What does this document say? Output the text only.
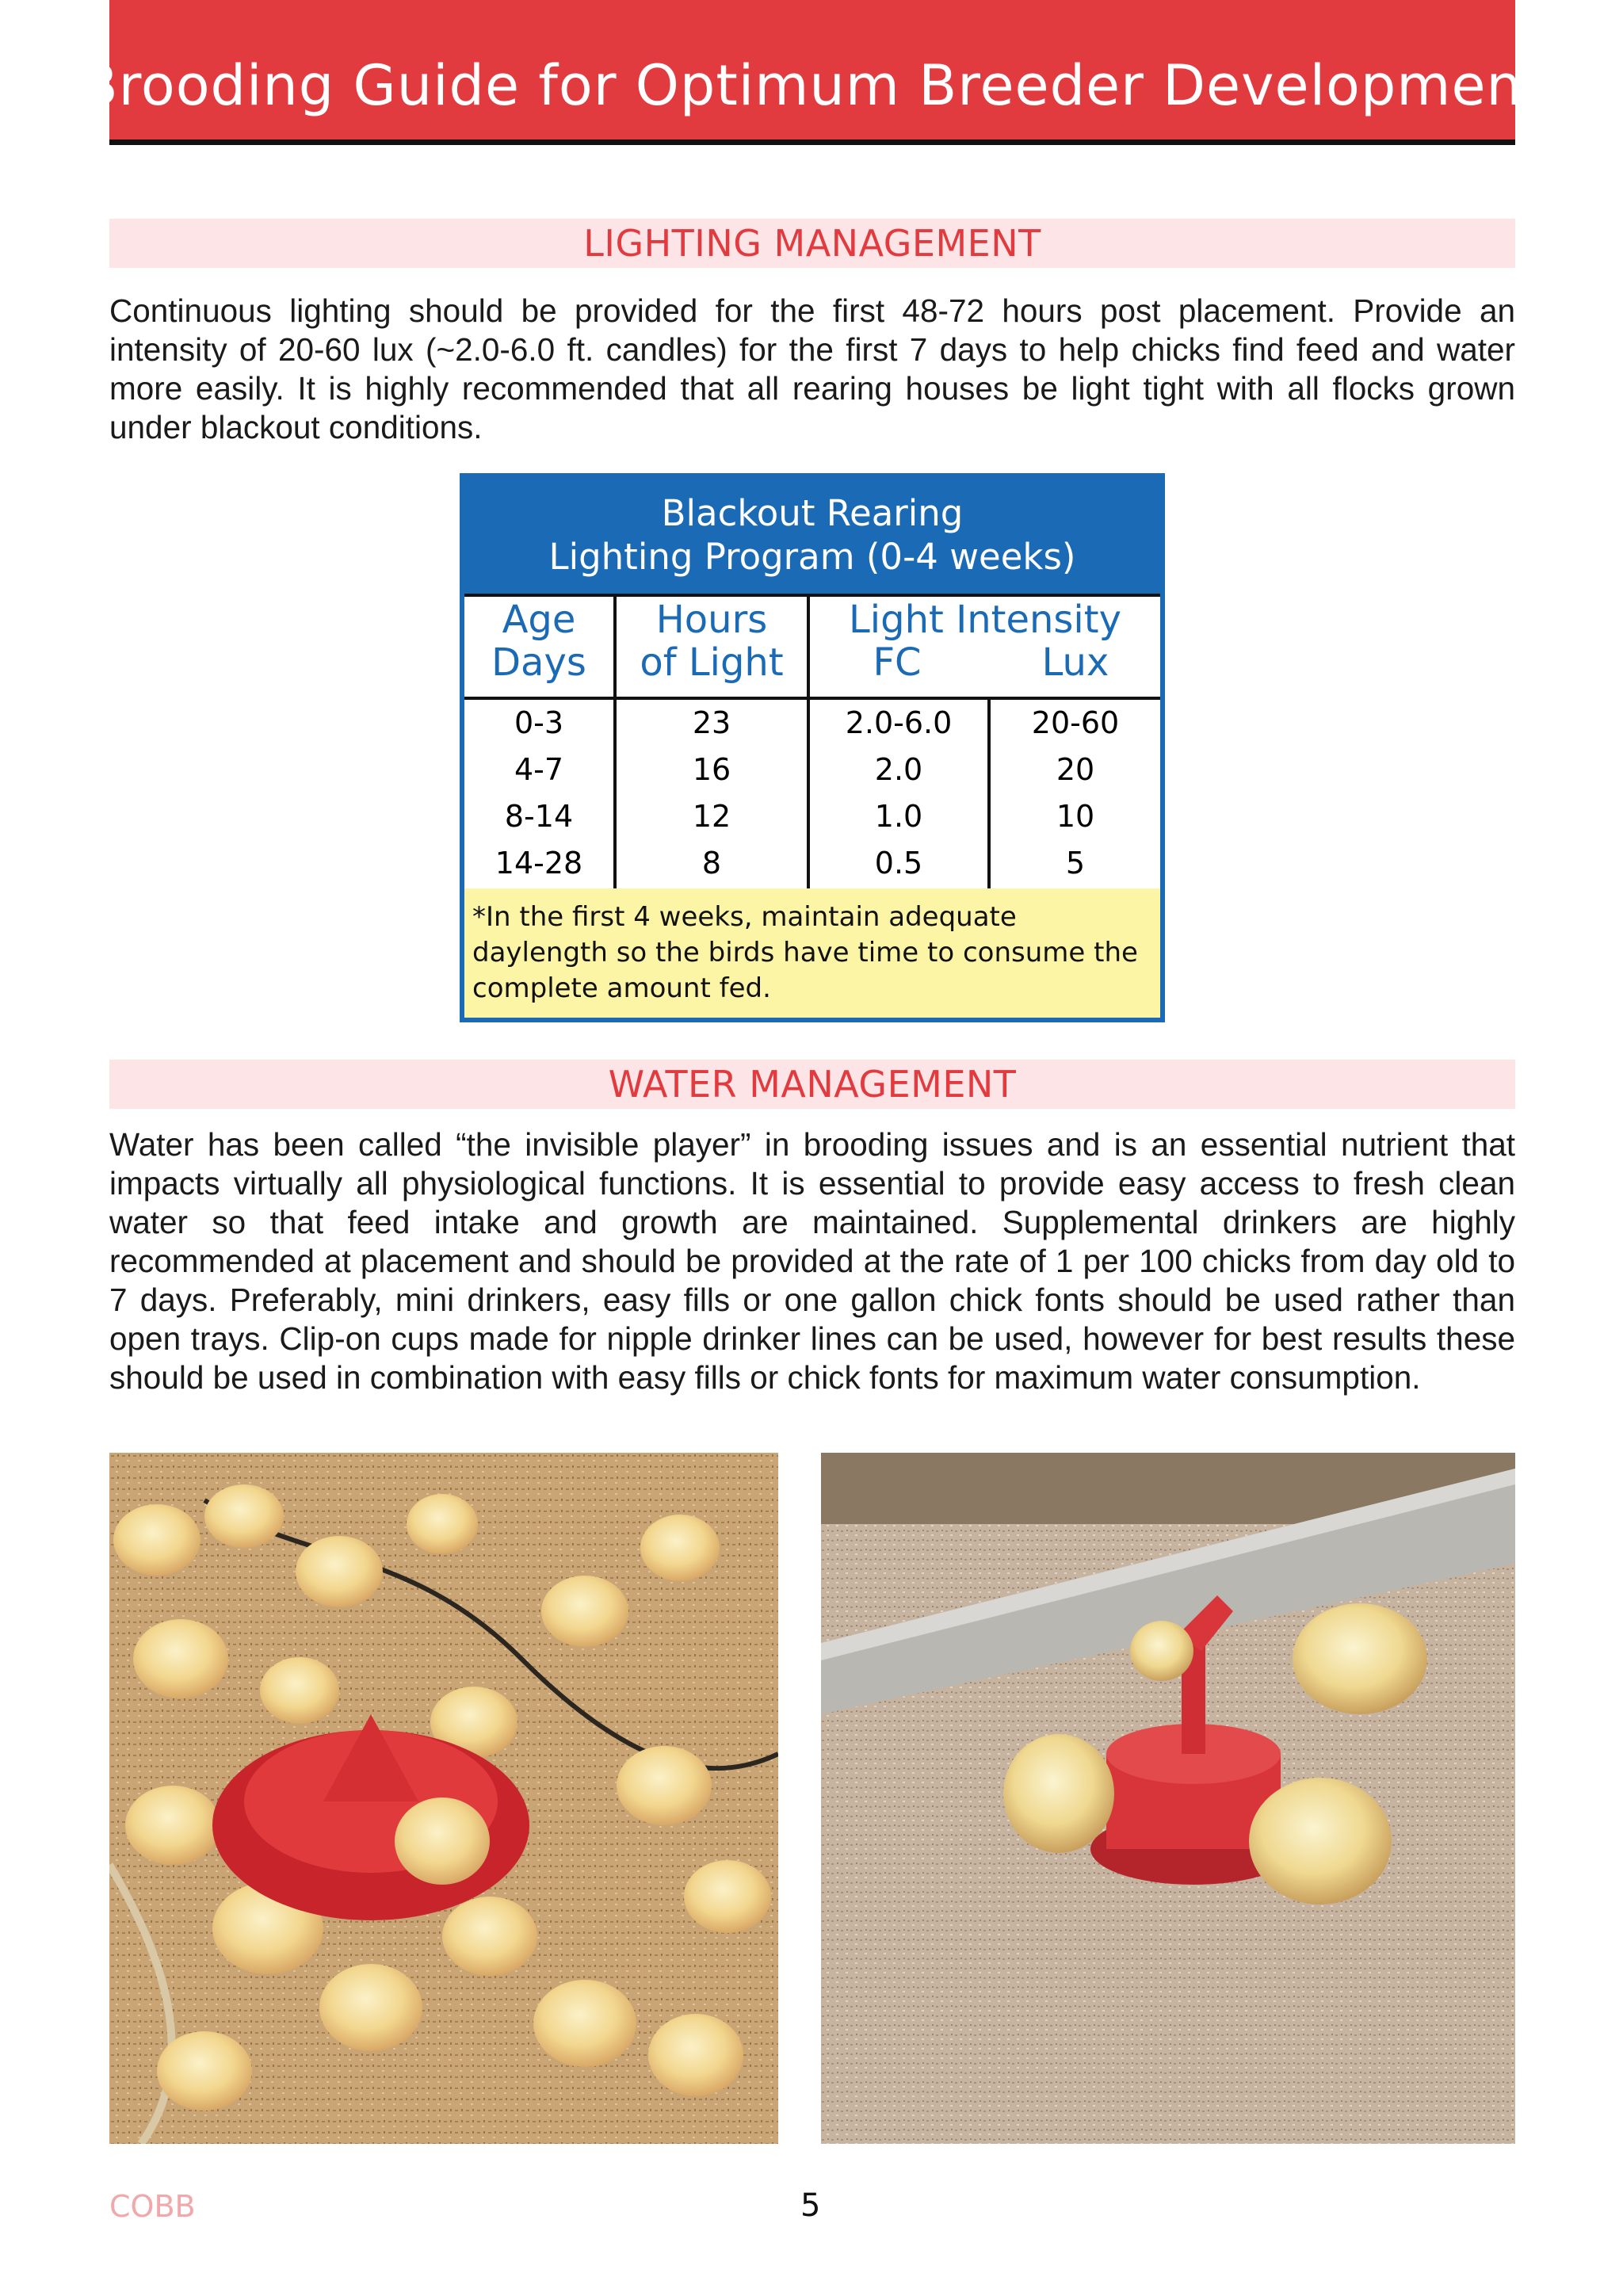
Brooding Guide for Optimum Breeder Development
LIGHTING MANAGEMENT

Continuous lighting should be provided for the first 48-72 hours post placement. Provide an intensity of 20-60 lux (~2.0-6.0 ft. candles) for the first 7 days to help chicks find feed and water more easily. It is highly recommended that all rearing houses be light tight with all flocks grown under blackout conditions.

Blackout Rearing
Lighting Program (0-4 weeks)
Age
Days
Hours
of Light
Light Intensity
FC	Lux
0-3
4-7
8-14
14-28
23
16
12
8
2.0-6.0
2.0
1.0
0.5
20-60
20
10
5
*In the first 4 weeks, maintain adequate daylength so the birds have time to consume the complete amount fed.
WATER MANAGEMENT

Water has been called “the invisible player” in brooding issues and is an essential nutrient that impacts virtually all physiological functions. It is essential to provide easy access to fresh clean water so that feed intake and growth are maintained. Supplemental drinkers are highly recommended at placement and should be provided at the rate of 1 per 100 chicks from day old to 7 days. Preferably, mini drinkers, easy fills or one gallon chick fonts should be used rather than open trays. Clip-on cups made for nipple drinker lines can be used, however for best results these should be used in combination with easy fills or chick fonts for maximum water consumption.

COBB	5
